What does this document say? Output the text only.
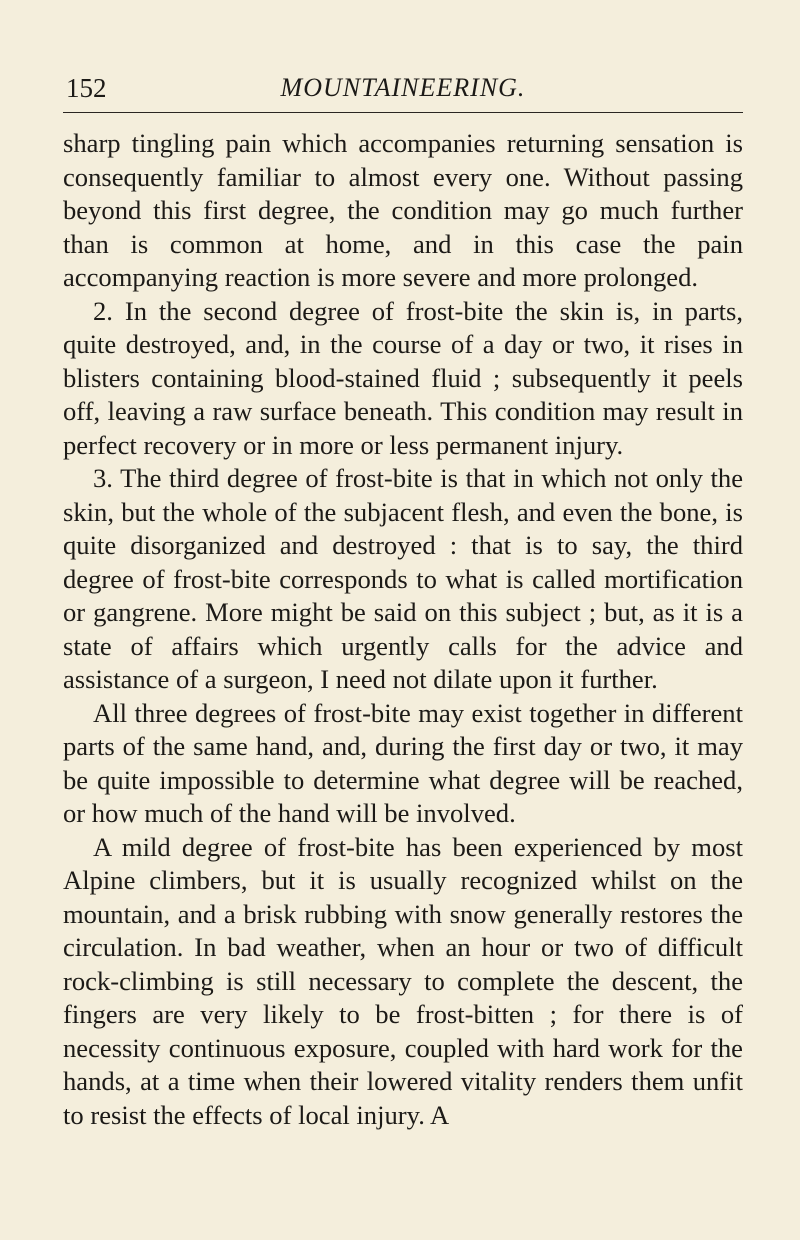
152	MOUNTAINEERING.

sharp tingling pain which accompanies returning sensation is consequently familiar to almost every one. Without passing beyond this first degree, the condition may go much further than is common at home, and in this case the pain accompanying reaction is more severe and more prolonged.

2. In the second degree of frost-bite the skin is, in parts, quite destroyed, and, in the course of a day or two, it rises in blisters containing blood-stained fluid ; subsequently it peels off, leaving a raw surface beneath. This condition may result in perfect recovery or in more or less permanent injury.

3. The third degree of frost-bite is that in which not only the skin, but the whole of the subjacent flesh, and even the bone, is quite disorganized and destroyed : that is to say, the third degree of frost-bite corresponds to what is called mortification or gangrene. More might be said on this subject ; but, as it is a state of affairs which urgently calls for the advice and assistance of a surgeon, I need not dilate upon it further.

All three degrees of frost-bite may exist together in different parts of the same hand, and, during the first day or two, it may be quite impossible to determine what degree will be reached, or how much of the hand will be involved.

A mild degree of frost-bite has been experienced by most Alpine climbers, but it is usually recognized whilst on the mountain, and a brisk rubbing with snow generally restores the circulation. In bad weather, when an hour or two of difficult rock-climbing is still necessary to complete the descent, the fingers are very likely to be frost-bitten ; for there is of necessity continuous exposure, coupled with hard work for the hands, at a time when their lowered vitality renders them unfit to resist the effects of local injury. A
